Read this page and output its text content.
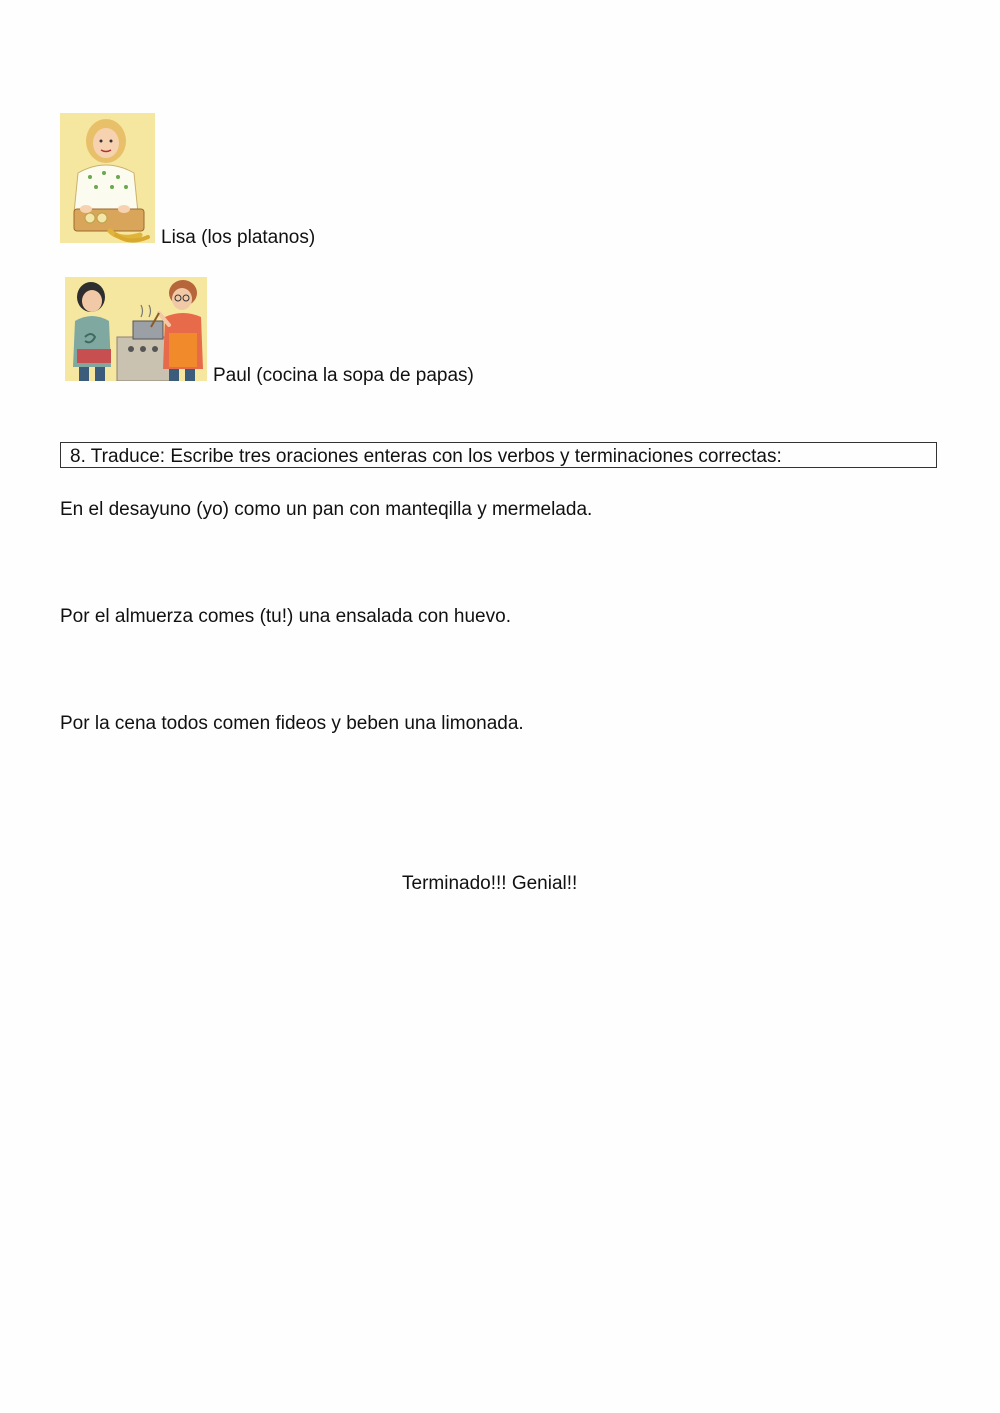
Lisa (los platanos)
Paul (cocina la sopa de papas)
8. Traduce: Escribe tres oraciones enteras con los verbos y terminaciones correctas:
En el desayuno (yo) como un pan con manteqilla y mermelada.
Por el almuerza comes (tu!) una ensalada con huevo.
Por la cena todos comen fideos y beben una limonada.
Terminado!!! Genial!!
